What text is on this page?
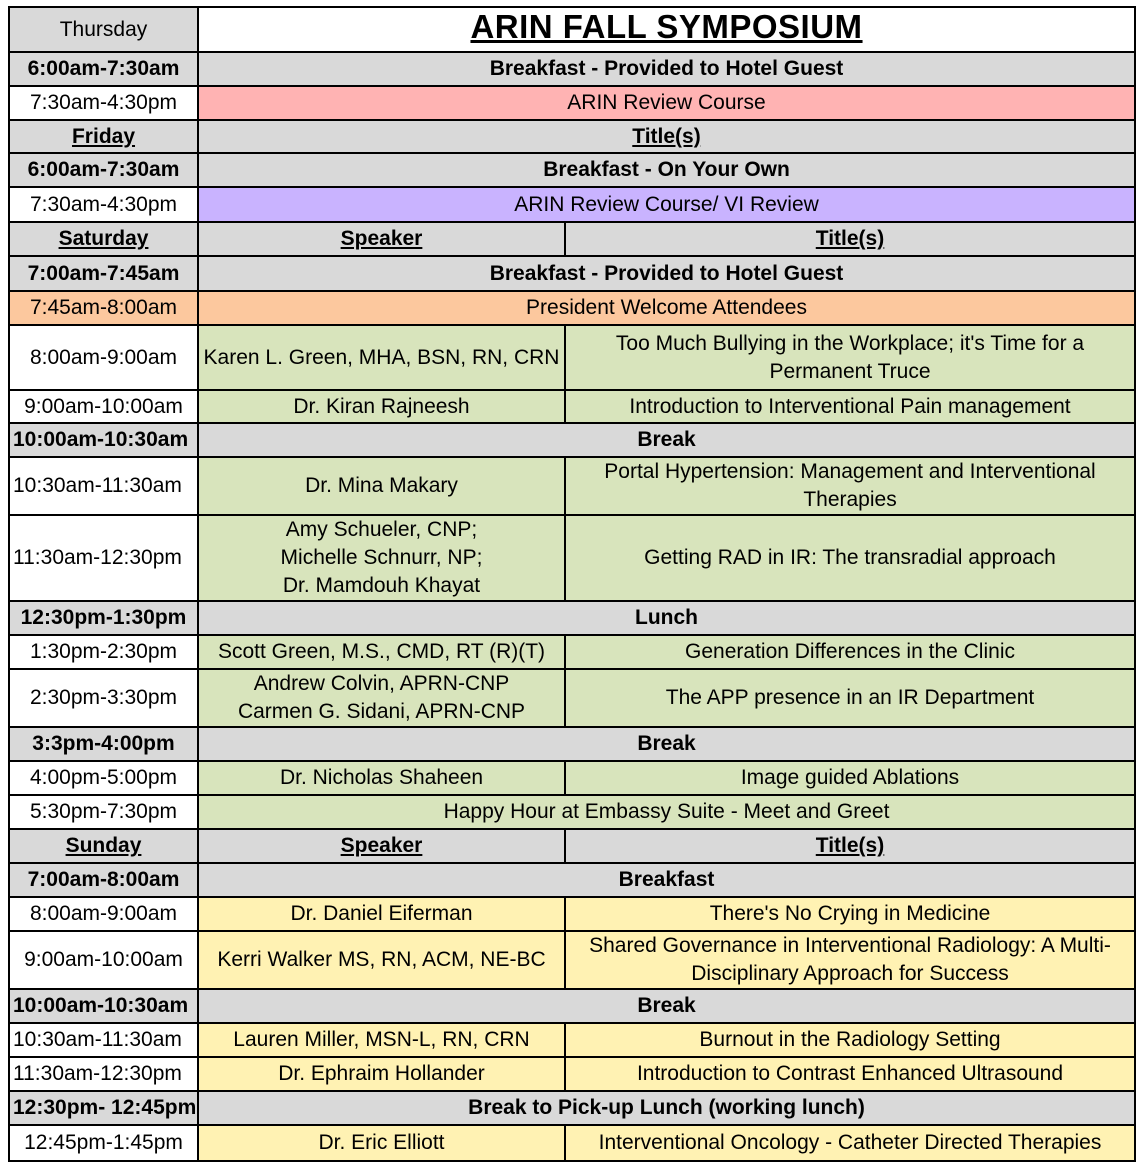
Thursday	ARIN FALL SYMPOSIUM	
6:00am-7:30am	Breakfast - Provided to Hotel Guest	
7:30am-4:30pm	ARIN Review Course	
Friday	Title(s)	
6:00am-7:30am	Breakfast - On Your Own	
7:30am-4:30pm	ARIN Review Course/ VI Review	
Saturday	Speaker	Title(s)
7:00am-7:45am	Breakfast - Provided to Hotel Guest	
7:45am-8:00am	President Welcome Attendees	
8:00am-9:00am	Karen L. Green, MHA, BSN, RN, CRN	Too Much Bullying in the Workplace; it's Time for a Permanent Truce
9:00am-10:00am	Dr. Kiran Rajneesh	Introduction to Interventional Pain management
10:00am-10:30am	Break	
10:30am-11:30am	Dr. Mina Makary	Portal Hypertension: Management and Interventional Therapies
11:30am-12:30pm	Amy Schueler, CNP;
Michelle Schnurr, NP;
Dr. Mamdouh Khayat	Getting RAD in IR: The transradial approach
12:30pm-1:30pm	Lunch	
1:30pm-2:30pm	Scott Green, M.S., CMD, RT (R)(T)	Generation Differences in the Clinic
2:30pm-3:30pm	Andrew Colvin, APRN-CNP
Carmen G. Sidani, APRN-CNP	The APP presence in an IR Department
3:3pm-4:00pm	Break	
4:00pm-5:00pm	Dr. Nicholas Shaheen	Image guided Ablations
5:30pm-7:30pm	Happy Hour at Embassy Suite - Meet and Greet	
Sunday	Speaker	Title(s)
7:00am-8:00am	Breakfast	
8:00am-9:00am	Dr. Daniel Eiferman	There's No Crying in Medicine
9:00am-10:00am	Kerri Walker MS, RN, ACM, NE-BC	Shared Governance in Interventional Radiology: A Multi-Disciplinary Approach for Success
10:00am-10:30am	Break	
10:30am-11:30am	Lauren Miller, MSN-L, RN, CRN	Burnout in the Radiology Setting
11:30am-12:30pm	Dr. Ephraim Hollander	Introduction to Contrast Enhanced Ultrasound
12:30pm- 12:45pm	Break to Pick-up Lunch (working lunch)	
12:45pm-1:45pm	Dr. Eric Elliott	Interventional Oncology - Catheter Directed Therapies
